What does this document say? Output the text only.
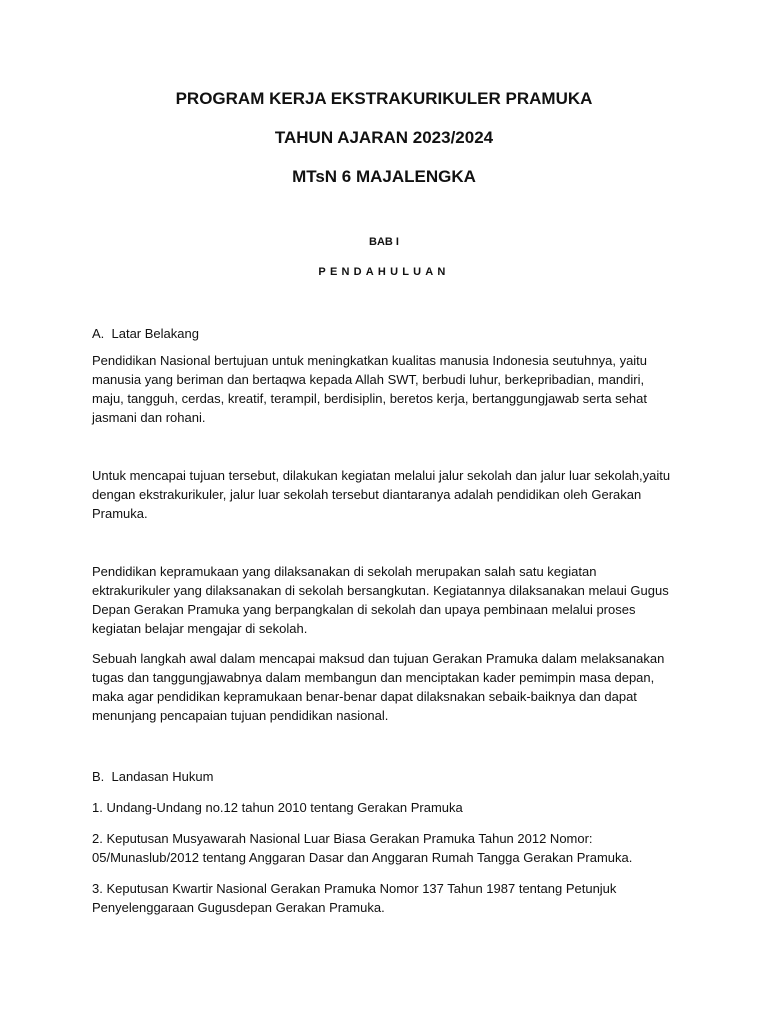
PROGRAM KERJA EKSTRAKURIKULER PRAMUKA

TAHUN AJARAN 2023/2024

MTsN 6 MAJALENGKA

BAB I
PENDAHULUAN

A.  Latar Belakang

Pendidikan Nasional bertujuan untuk meningkatkan kualitas manusia Indonesia seutuhnya, yaitu manusia yang beriman dan bertaqwa kepada Allah SWT, berbudi luhur, berkepribadian, mandiri, maju, tangguh, cerdas, kreatif, terampil, berdisiplin, beretos kerja, bertanggungjawab serta sehat jasmani dan rohani.

Untuk mencapai tujuan tersebut, dilakukan kegiatan melalui jalur sekolah dan jalur luar sekolah,yaitu dengan ekstrakurikuler, jalur luar sekolah tersebut diantaranya adalah pendidikan oleh Gerakan Pramuka.

Pendidikan kepramukaan yang dilaksanakan di sekolah merupakan salah satu kegiatan ektrakurikuler yang dilaksanakan di sekolah bersangkutan. Kegiatannya dilaksanakan melaui Gugus Depan Gerakan Pramuka yang berpangkalan di sekolah dan upaya pembinaan melalui proses kegiatan belajar mengajar di sekolah.

Sebuah langkah awal dalam mencapai maksud dan tujuan Gerakan Pramuka dalam melaksanakan tugas dan tanggungjawabnya dalam membangun dan menciptakan kader pemimpin masa depan, maka agar pendidikan kepramukaan benar-benar dapat dilaksnakan sebaik-baiknya dan dapat menunjang pencapaian tujuan pendidikan nasional.

B.  Landasan Hukum

1. Undang-Undang no.12 tahun 2010 tentang Gerakan Pramuka

2. Keputusan Musyawarah Nasional Luar Biasa Gerakan Pramuka Tahun 2012 Nomor: 05/Munaslub/2012 tentang Anggaran Dasar dan Anggaran Rumah Tangga Gerakan Pramuka.

3. Keputusan Kwartir Nasional Gerakan Pramuka Nomor 137 Tahun 1987 tentang Petunjuk Penyelenggaraan Gugusdepan Gerakan Pramuka.
